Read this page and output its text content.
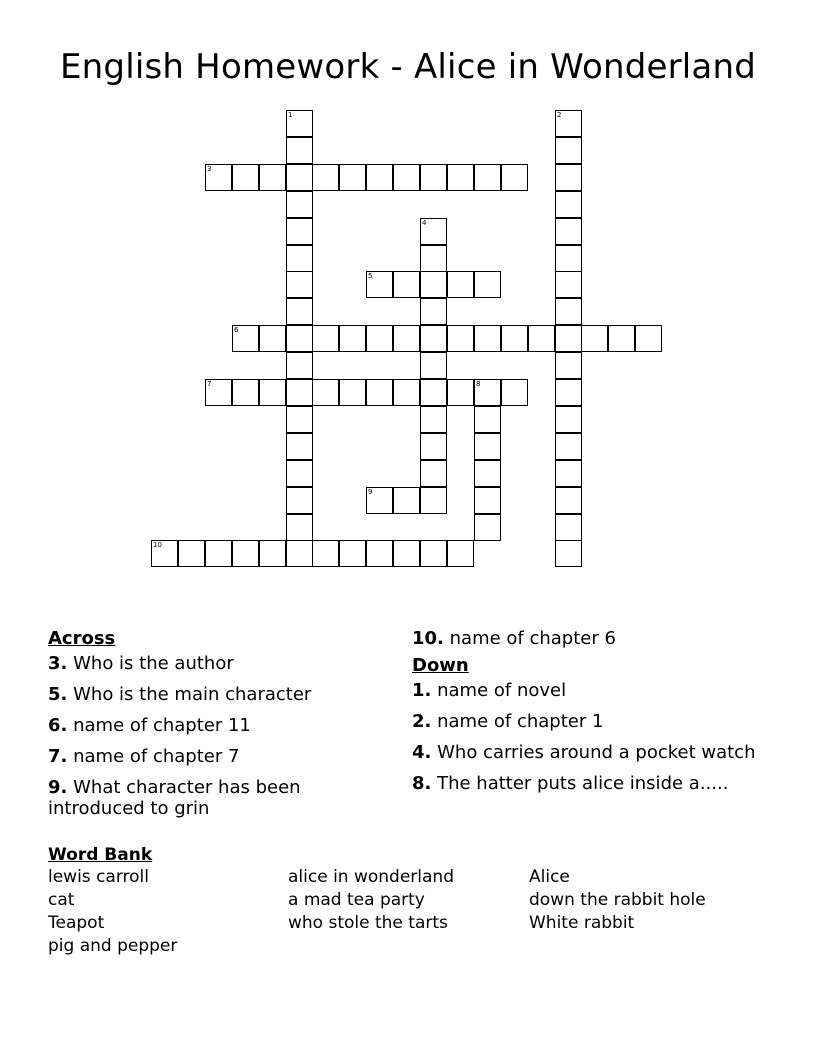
English Homework - Alice in Wonderland
1	2
3
4
5
6
7	8
9
10
Across
3. Who is the author
5. Who is the main character
6. name of chapter 11
7. name of chapter 7
9. What character has been introduced to grin
10. name of chapter 6
Down
1. name of novel
2. name of chapter 1
4. Who carries around a pocket watch
8. The hatter puts alice inside a.....
Word Bank
lewis carroll	alice in wonderland	Alice
cat	a mad tea party	down the rabbit hole
Teapot	who stole the tarts	White rabbit
pig and pepper
